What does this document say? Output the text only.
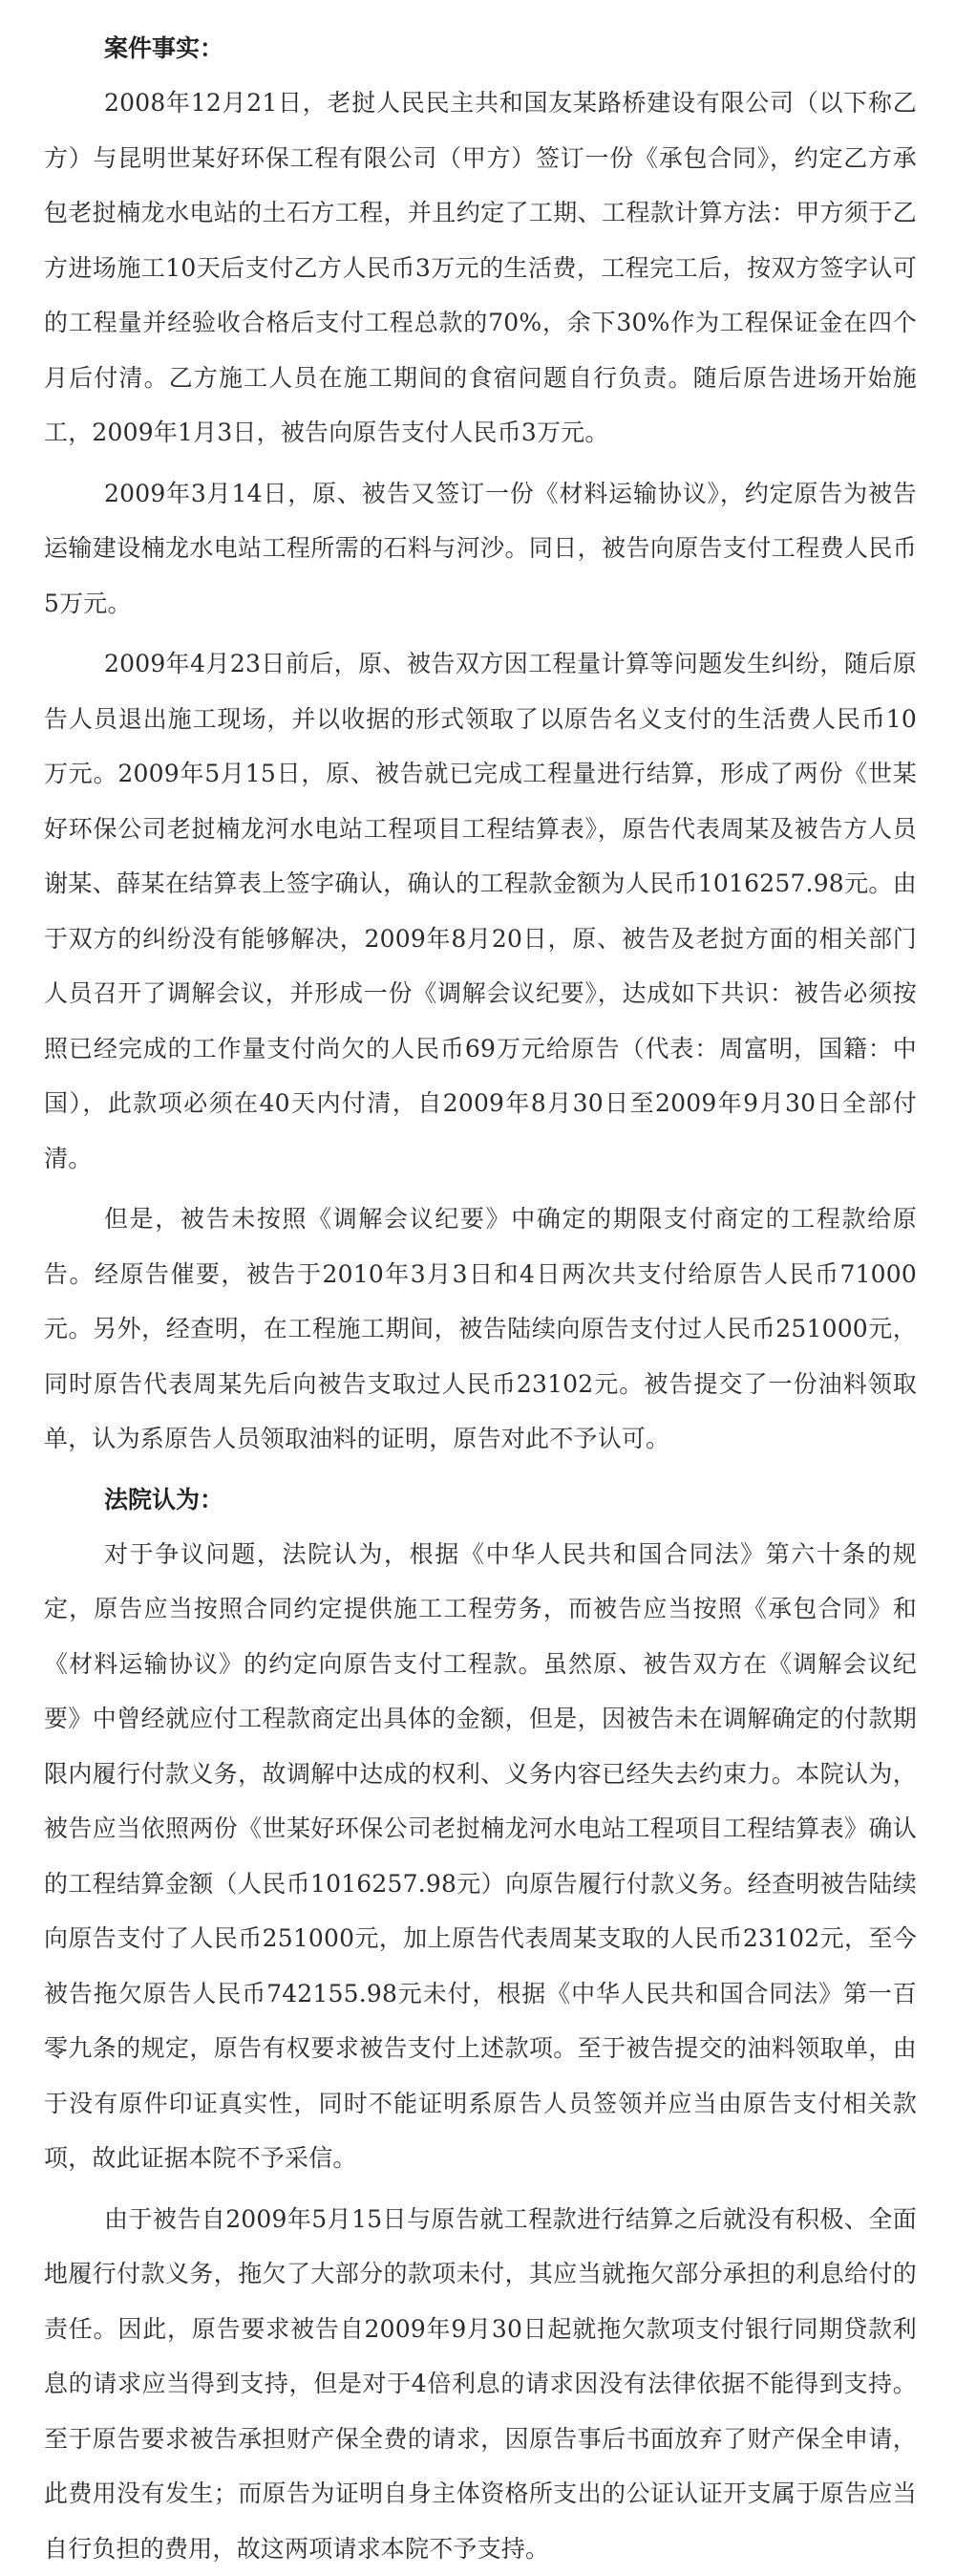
案件事实：

2008年12月21日，老挝人民民主共和国友某路桥建设有限公司（以下称乙方）与昆明世某好环保工程有限公司（甲方）签订一份《承包合同》，约定乙方承包老挝楠龙水电站的土石方工程，并且约定了工期、工程款计算方法：甲方须于乙方进场施工10天后支付乙方人民币3万元的生活费，工程完工后，按双方签字认可的工程量并经验收合格后支付工程总款的70%，余下30%作为工程保证金在四个月后付清。乙方施工人员在施工期间的食宿问题自行负责。随后原告进场开始施工，2009年1月3日，被告向原告支付人民币3万元。

2009年3月14日，原、被告又签订一份《材料运输协议》，约定原告为被告运输建设楠龙水电站工程所需的石料与河沙。同日，被告向原告支付工程费人民币5万元。

2009年4月23日前后，原、被告双方因工程量计算等问题发生纠纷，随后原告人员退出施工现场，并以收据的形式领取了以原告名义支付的生活费人民币10万元。2009年5月15日，原、被告就已完成工程量进行结算，形成了两份《世某好环保公司老挝楠龙河水电站工程项目工程结算表》，原告代表周某及被告方人员谢某、薛某在结算表上签字确认，确认的工程款金额为人民币1016257.98元。由于双方的纠纷没有能够解决，2009年8月20日，原、被告及老挝方面的相关部门人员召开了调解会议，并形成一份《调解会议纪要》，达成如下共识：被告必须按照已经完成的工作量支付尚欠的人民币69万元给原告（代表：周富明，国籍：中国），此款项必须在40天内付清，自2009年8月30日至2009年9月30日全部付清。

但是，被告未按照《调解会议纪要》中确定的期限支付商定的工程款给原告。经原告催要，被告于2010年3月3日和4日两次共支付给原告人民币71000元。另外，经查明，在工程施工期间，被告陆续向原告支付过人民币251000元，同时原告代表周某先后向被告支取过人民币23102元。被告提交了一份油料领取单，认为系原告人员领取油料的证明，原告对此不予认可。

法院认为：

对于争议问题，法院认为，根据《中华人民共和国合同法》第六十条的规定，原告应当按照合同约定提供施工工程劳务，而被告应当按照《承包合同》和《材料运输协议》的约定向原告支付工程款。虽然原、被告双方在《调解会议纪要》中曾经就应付工程款商定出具体的金额，但是，因被告未在调解确定的付款期限内履行付款义务，故调解中达成的权利、义务内容已经失去约束力。本院认为，被告应当依照两份《世某好环保公司老挝楠龙河水电站工程项目工程结算表》确认的工程结算金额（人民币1016257.98元）向原告履行付款义务。经查明被告陆续向原告支付了人民币251000元，加上原告代表周某支取的人民币23102元，至今被告拖欠原告人民币742155.98元未付，根据《中华人民共和国合同法》第一百零九条的规定，原告有权要求被告支付上述款项。至于被告提交的油料领取单，由于没有原件印证真实性，同时不能证明系原告人员签领并应当由原告支付相关款项，故此证据本院不予采信。

由于被告自2009年5月15日与原告就工程款进行结算之后就没有积极、全面地履行付款义务，拖欠了大部分的款项未付，其应当就拖欠部分承担的利息给付的责任。因此，原告要求被告自2009年9月30日起就拖欠款项支付银行同期贷款利息的请求应当得到支持，但是对于4倍利息的请求因没有法律依据不能得到支持。至于原告要求被告承担财产保全费的请求，因原告事后书面放弃了财产保全申请，此费用没有发生；而原告为证明自身主体资格所支出的公证认证开支属于原告应当自行负担的费用，故这两项请求本院不予支持。
